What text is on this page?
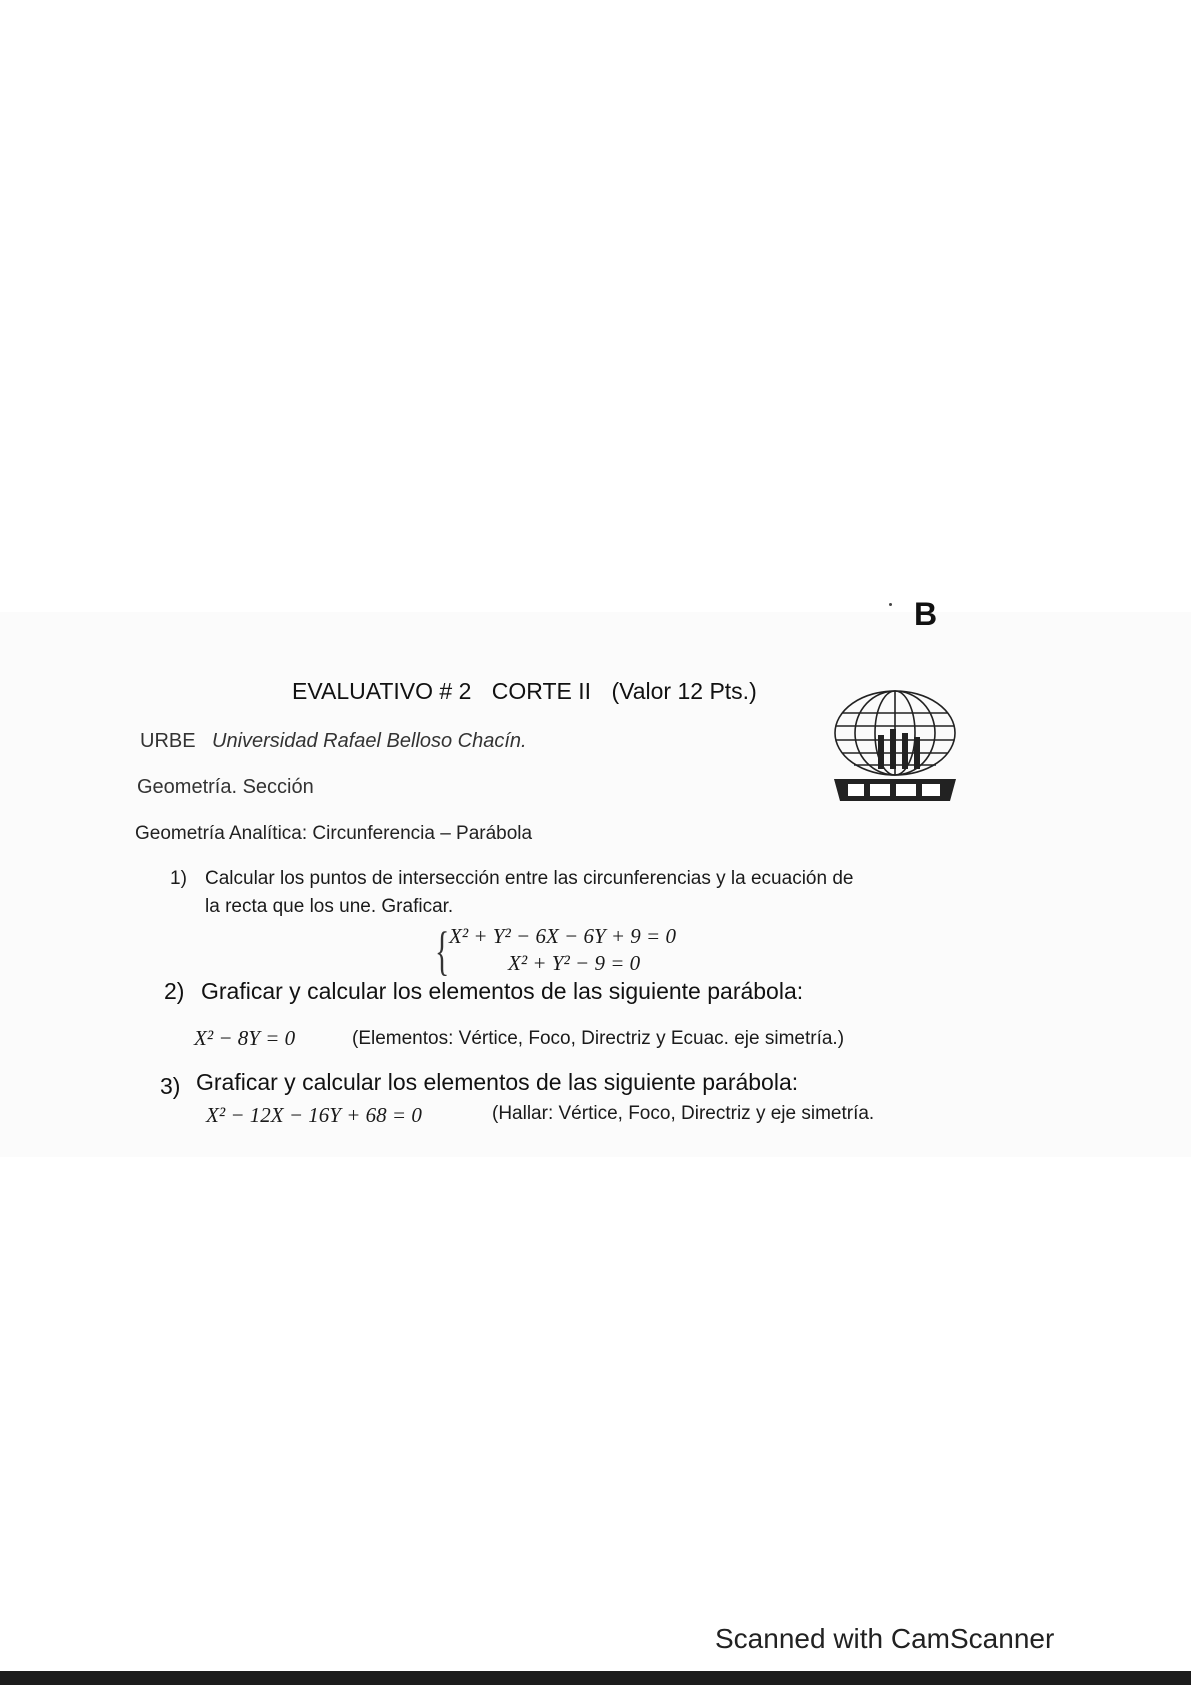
B
EVALUATIVO # 2 CORTE II (Valor 12 Pts.)
URBE Universidad Rafael Belloso Chacín.
Geometría. Sección
Geometría Analítica: Circunferencia – Parábola
1) Calcular los puntos de intersección entre las circunferencias y la ecuación de
la recta que los une. Graficar.
{ X² + Y² − 6X − 6Y + 9 = 0
X² + Y² − 9 = 0
2) Graficar y calcular los elementos de las siguiente parábola:
X² − 8Y = 0	(Elementos: Vértice, Foco, Directriz y Ecuac. eje simetría.)
3) Graficar y calcular los elementos de las siguiente parábola:
X² − 12X − 16Y + 68 = 0	(Hallar: Vértice, Foco, Directriz y eje simetría.
Scanned with CamScanner
